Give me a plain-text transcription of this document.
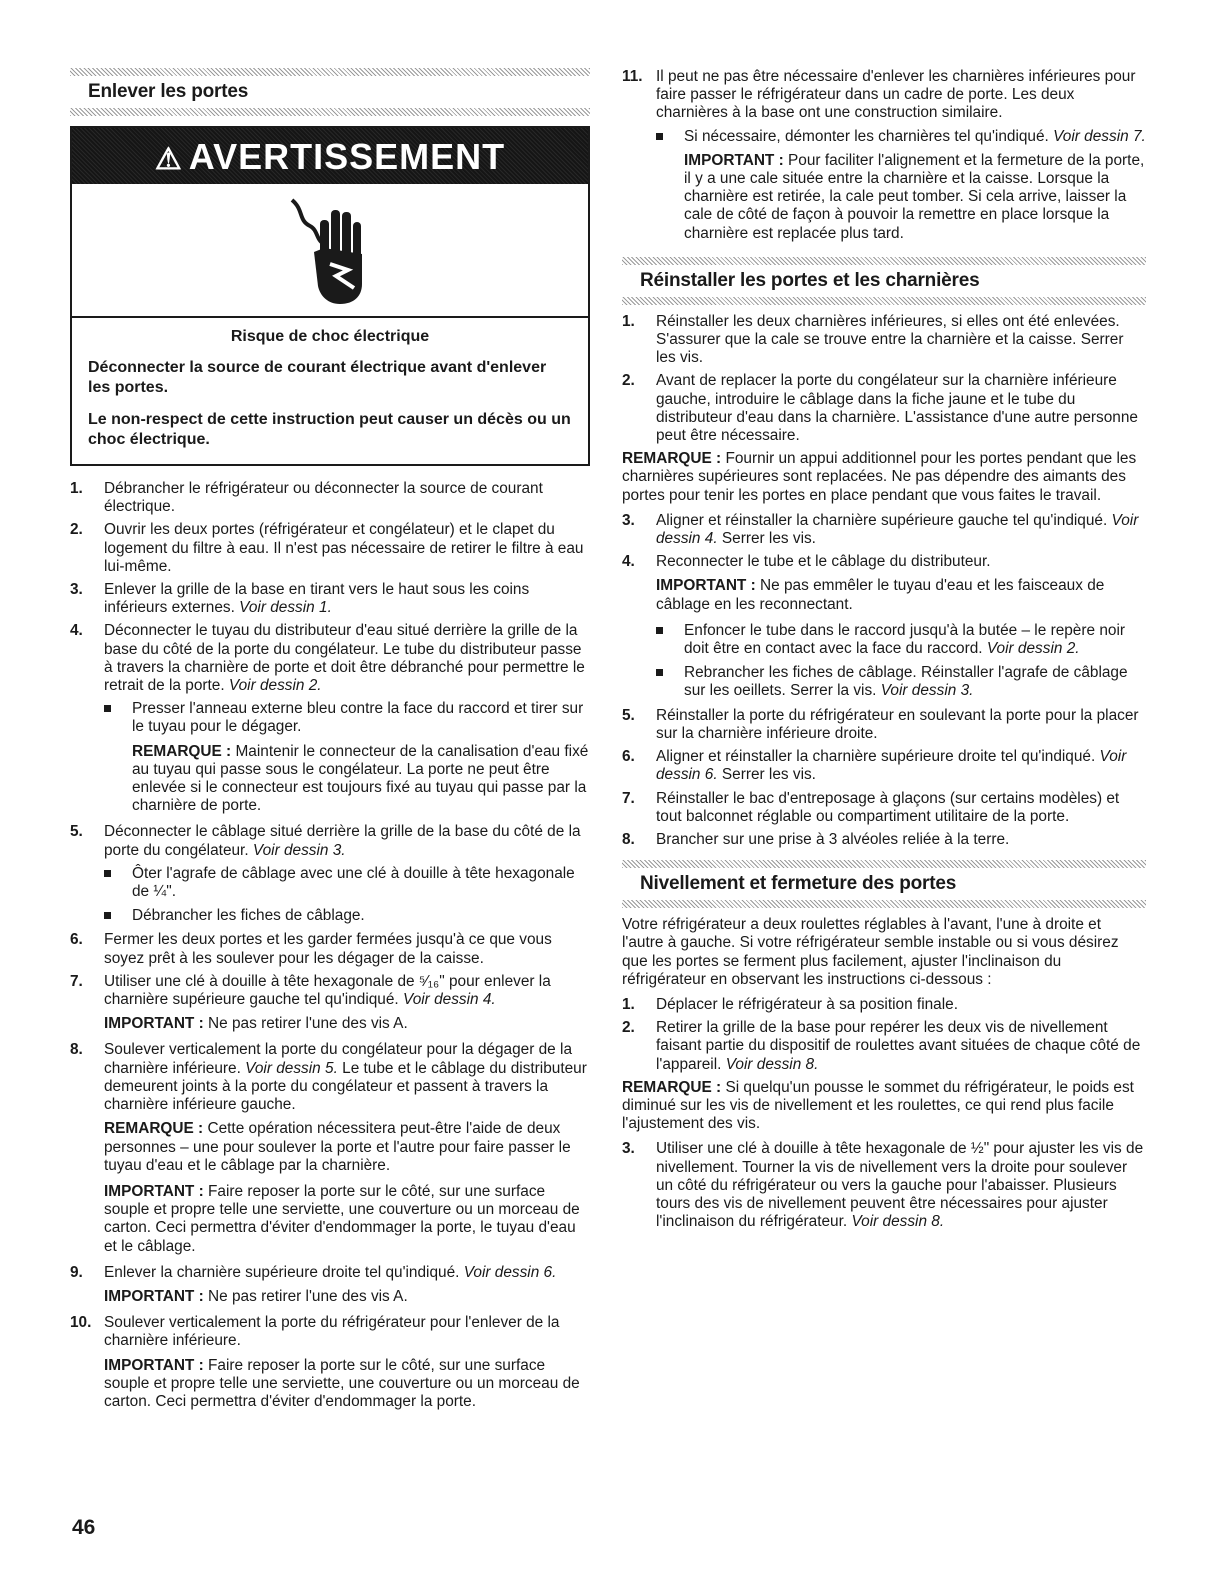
Enlever les portes
⚠ AVERTISSEMENT
Risque de choc électrique

Déconnecter la source de courant électrique avant d'enlever les portes.

Le non-respect de cette instruction peut causer un décès ou un choc électrique.

1. Débrancher le réfrigérateur ou déconnecter la source de courant électrique.
2. Ouvrir les deux portes (réfrigérateur et congélateur) et le clapet du logement du filtre à eau. Il n'est pas nécessaire de retirer le filtre à eau lui-même.
3. Enlever la grille de la base en tirant vers le haut sous les coins inférieurs externes. Voir dessin 1.
4. Déconnecter le tuyau du distributeur d'eau situé derrière la grille de la base du côté de la porte du congélateur. Le tube du distributeur passe à travers la charnière de porte et doit être débranché pour permettre le retrait de la porte. Voir dessin 2.
Presser l'anneau externe bleu contre la face du raccord et tirer sur le tuyau pour le dégager.
REMARQUE : Maintenir le connecteur de la canalisation d'eau fixé au tuyau qui passe sous le congélateur. La porte ne peut être enlevée si le connecteur est toujours fixé au tuyau qui passe par la charnière de porte.
5. Déconnecter le câblage situé derrière la grille de la base du côté de la porte du congélateur. Voir dessin 3.
Ôter l'agrafe de câblage avec une clé à douille à tête hexagonale de ¼".
Débrancher les fiches de câblage.
6. Fermer les deux portes et les garder fermées jusqu'à ce que vous soyez prêt à les soulever pour les dégager de la caisse.
7. Utiliser une clé à douille à tête hexagonale de ⁵⁄₁₆" pour enlever la charnière supérieure gauche tel qu'indiqué. Voir dessin 4.
IMPORTANT : Ne pas retirer l'une des vis A.
8. Soulever verticalement la porte du congélateur pour la dégager de la charnière inférieure. Voir dessin 5. Le tube et le câblage du distributeur demeurent joints à la porte du congélateur et passent à travers la charnière inférieure gauche.
REMARQUE : Cette opération nécessitera peut-être l'aide de deux personnes – une pour soulever la porte et l'autre pour faire passer le tuyau d'eau et le câblage par la charnière.
IMPORTANT : Faire reposer la porte sur le côté, sur une surface souple et propre telle une serviette, une couverture ou un morceau de carton. Ceci permettra d'éviter d'endommager la porte, le tuyau d'eau et le câblage.
9. Enlever la charnière supérieure droite tel qu'indiqué. Voir dessin 6.
IMPORTANT : Ne pas retirer l'une des vis A.
10. Soulever verticalement la porte du réfrigérateur pour l'enlever de la charnière inférieure.
IMPORTANT : Faire reposer la porte sur le côté, sur une surface souple et propre telle une serviette, une couverture ou un morceau de carton. Ceci permettra d'éviter d'endommager la porte.
11. Il peut ne pas être nécessaire d'enlever les charnières inférieures pour faire passer le réfrigérateur dans un cadre de porte. Les deux charnières à la base ont une construction similaire.
Si nécessaire, démonter les charnières tel qu'indiqué. Voir dessin 7.
IMPORTANT : Pour faciliter l'alignement et la fermeture de la porte, il y a une cale située entre la charnière et la caisse. Lorsque la charnière est retirée, la cale peut tomber. Si cela arrive, laisser la cale de côté de façon à pouvoir la remettre en place lorsque la charnière est replacée plus tard.
Réinstaller les portes et les charnières
1. Réinstaller les deux charnières inférieures, si elles ont été enlevées. S'assurer que la cale se trouve entre la charnière et la caisse. Serrer les vis.
2. Avant de replacer la porte du congélateur sur la charnière inférieure gauche, introduire le câblage dans la fiche jaune et le tube du distributeur d'eau dans la charnière. L'assistance d'une autre personne peut être nécessaire.

REMARQUE : Fournir un appui additionnel pour les portes pendant que les charnières supérieures sont replacées. Ne pas dépendre des aimants des portes pour tenir les portes en place pendant que vous faites le travail.

3. Aligner et réinstaller la charnière supérieure gauche tel qu'indiqué. Voir dessin 4. Serrer les vis.
4. Reconnecter le tube et le câblage du distributeur.
IMPORTANT : Ne pas emmêler le tuyau d'eau et les faisceaux de câblage en les reconnectant.
Enfoncer le tube dans le raccord jusqu'à la butée – le repère noir doit être en contact avec la face du raccord. Voir dessin 2.
Rebrancher les fiches de câblage. Réinstaller l'agrafe de câblage sur les oeillets. Serrer la vis. Voir dessin 3.
5. Réinstaller la porte du réfrigérateur en soulevant la porte pour la placer sur la charnière inférieure droite.
6. Aligner et réinstaller la charnière supérieure droite tel qu'indiqué. Voir dessin 6. Serrer les vis.
7. Réinstaller le bac d'entreposage à glaçons (sur certains modèles) et tout balconnet réglable ou compartiment utilitaire de la porte.
8. Brancher sur une prise à 3 alvéoles reliée à la terre.
Nivellement et fermeture des portes

Votre réfrigérateur a deux roulettes réglables à l'avant, l'une à droite et l'autre à gauche. Si votre réfrigérateur semble instable ou si vous désirez que les portes se ferment plus facilement, ajuster l'inclinaison du réfrigérateur en observant les instructions ci-dessous :

1. Déplacer le réfrigérateur à sa position finale.
2. Retirer la grille de la base pour repérer les deux vis de nivellement faisant partie du dispositif de roulettes avant situées de chaque côté de l'appareil. Voir dessin 8.

REMARQUE : Si quelqu'un pousse le sommet du réfrigérateur, le poids est diminué sur les vis de nivellement et les roulettes, ce qui rend plus facile l'ajustement des vis.

3. Utiliser une clé à douille à tête hexagonale de ½" pour ajuster les vis de nivellement. Tourner la vis de nivellement vers la droite pour soulever un côté du réfrigérateur ou vers la gauche pour l'abaisser. Plusieurs tours des vis de nivellement peuvent être nécessaires pour ajuster l'inclinaison du réfrigérateur. Voir dessin 8.
46
